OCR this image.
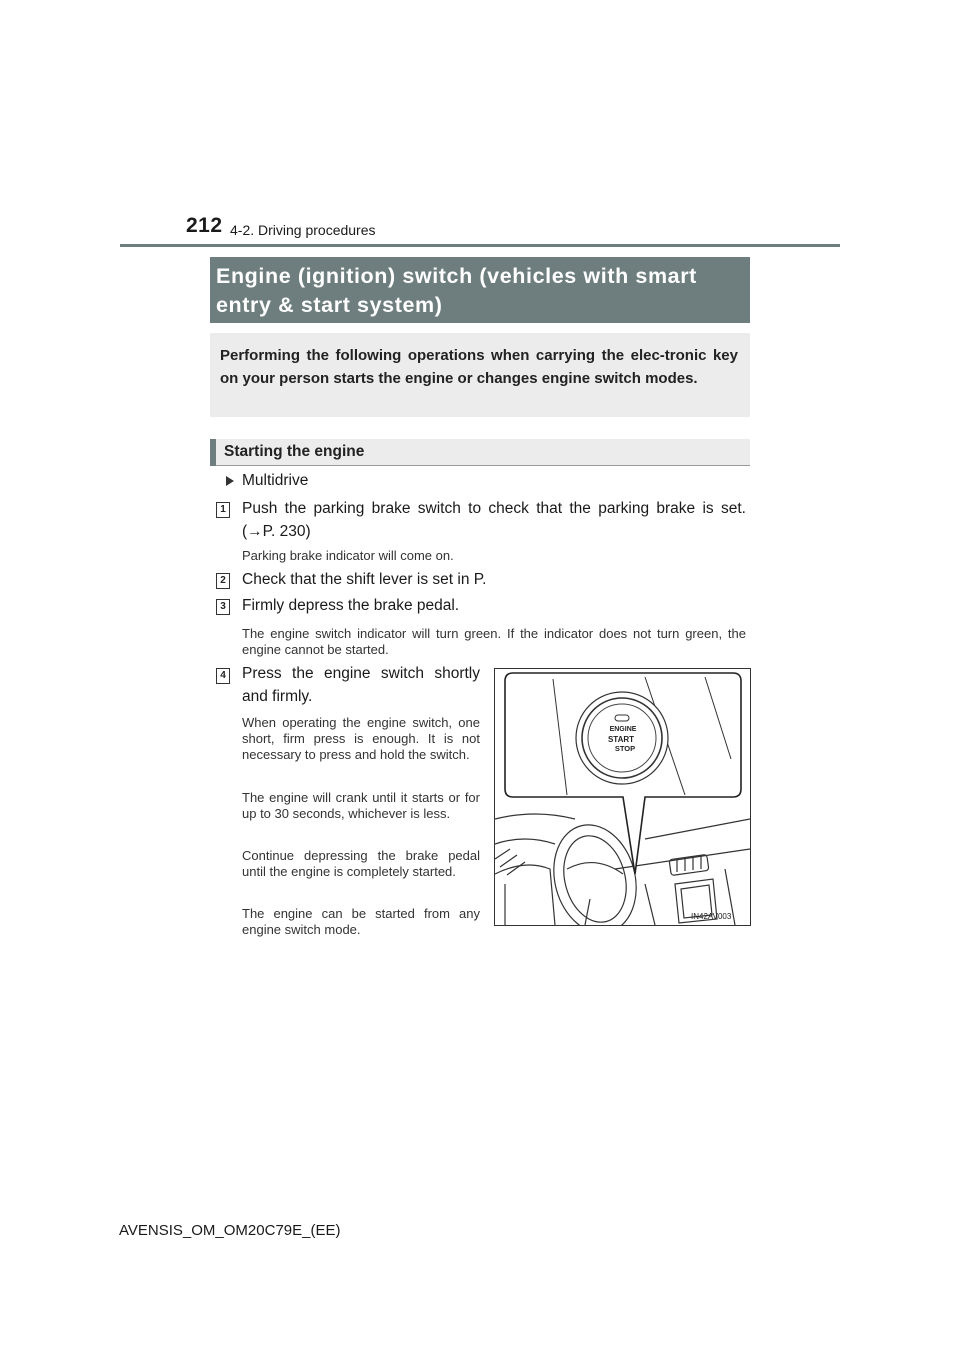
212 4-2. Driving procedures
Engine (ignition) switch (vehicles with smart entry & start system)
Performing the following operations when carrying the elec-tronic key on your person starts the engine or changes engine switch modes.
Starting the engine
Multidrive
1 Push the parking brake switch to check that the parking brake is set. (→P. 230)
Parking brake indicator will come on.
2 Check that the shift lever is set in P.
3 Firmly depress the brake pedal.
The engine switch indicator will turn green. If the indicator does not turn green, the engine cannot be started.
4 Press the engine switch shortly and firmly.
When operating the engine switch, one short, firm press is enough. It is not necessary to press and hold the switch.
The engine will crank until it starts or for up to 30 seconds, whichever is less.
Continue depressing the brake pedal until the engine is completely started.
The engine can be started from any engine switch mode.
ENGINE
START
STOP
IN42AV003
AVENSIS_OM_OM20C79E_(EE)
